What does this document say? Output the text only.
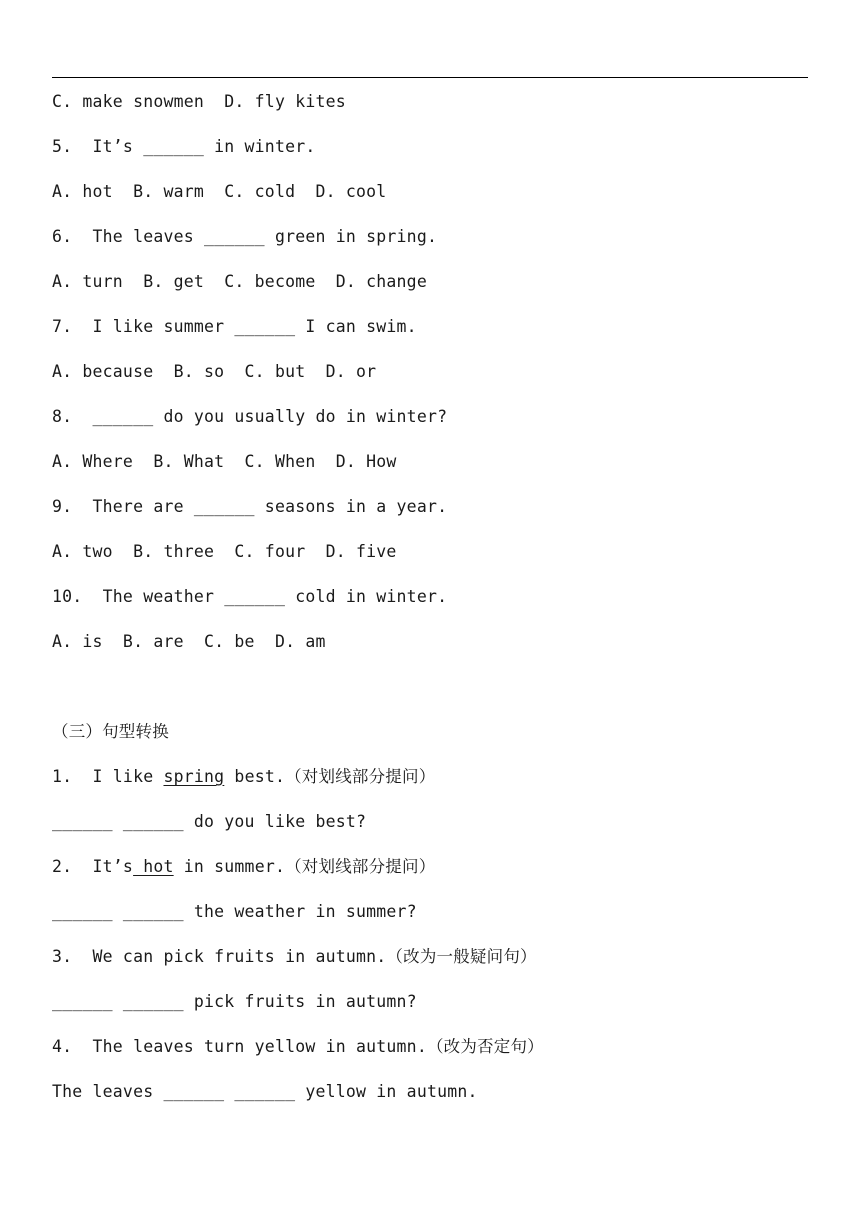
C. make snowmen  D. fly kites
5.  It’s ______ in winter.
A. hot  B. warm  C. cold  D. cool
6.  The leaves ______ green in spring.
A. turn  B. get  C. become  D. change
7.  I like summer ______ I can swim.
A. because  B. so  C. but  D. or
8.  ______ do you usually do in winter?
A. Where  B. What  C. When  D. How
9.  There are ______ seasons in a year.
A. two  B. three  C. four  D. five
10.  The weather ______ cold in winter.
A. is  B. are  C. be  D. am
（三）句型转换
1.  I like spring best.（对划线部分提问）
______ ______ do you like best?
2.  It’s hot in summer.（对划线部分提问）
______ ______ the weather in summer?
3.  We can pick fruits in autumn.（改为一般疑问句）
______ ______ pick fruits in autumn?
4.  The leaves turn yellow in autumn.（改为否定句）
The leaves ______ ______ yellow in autumn.
